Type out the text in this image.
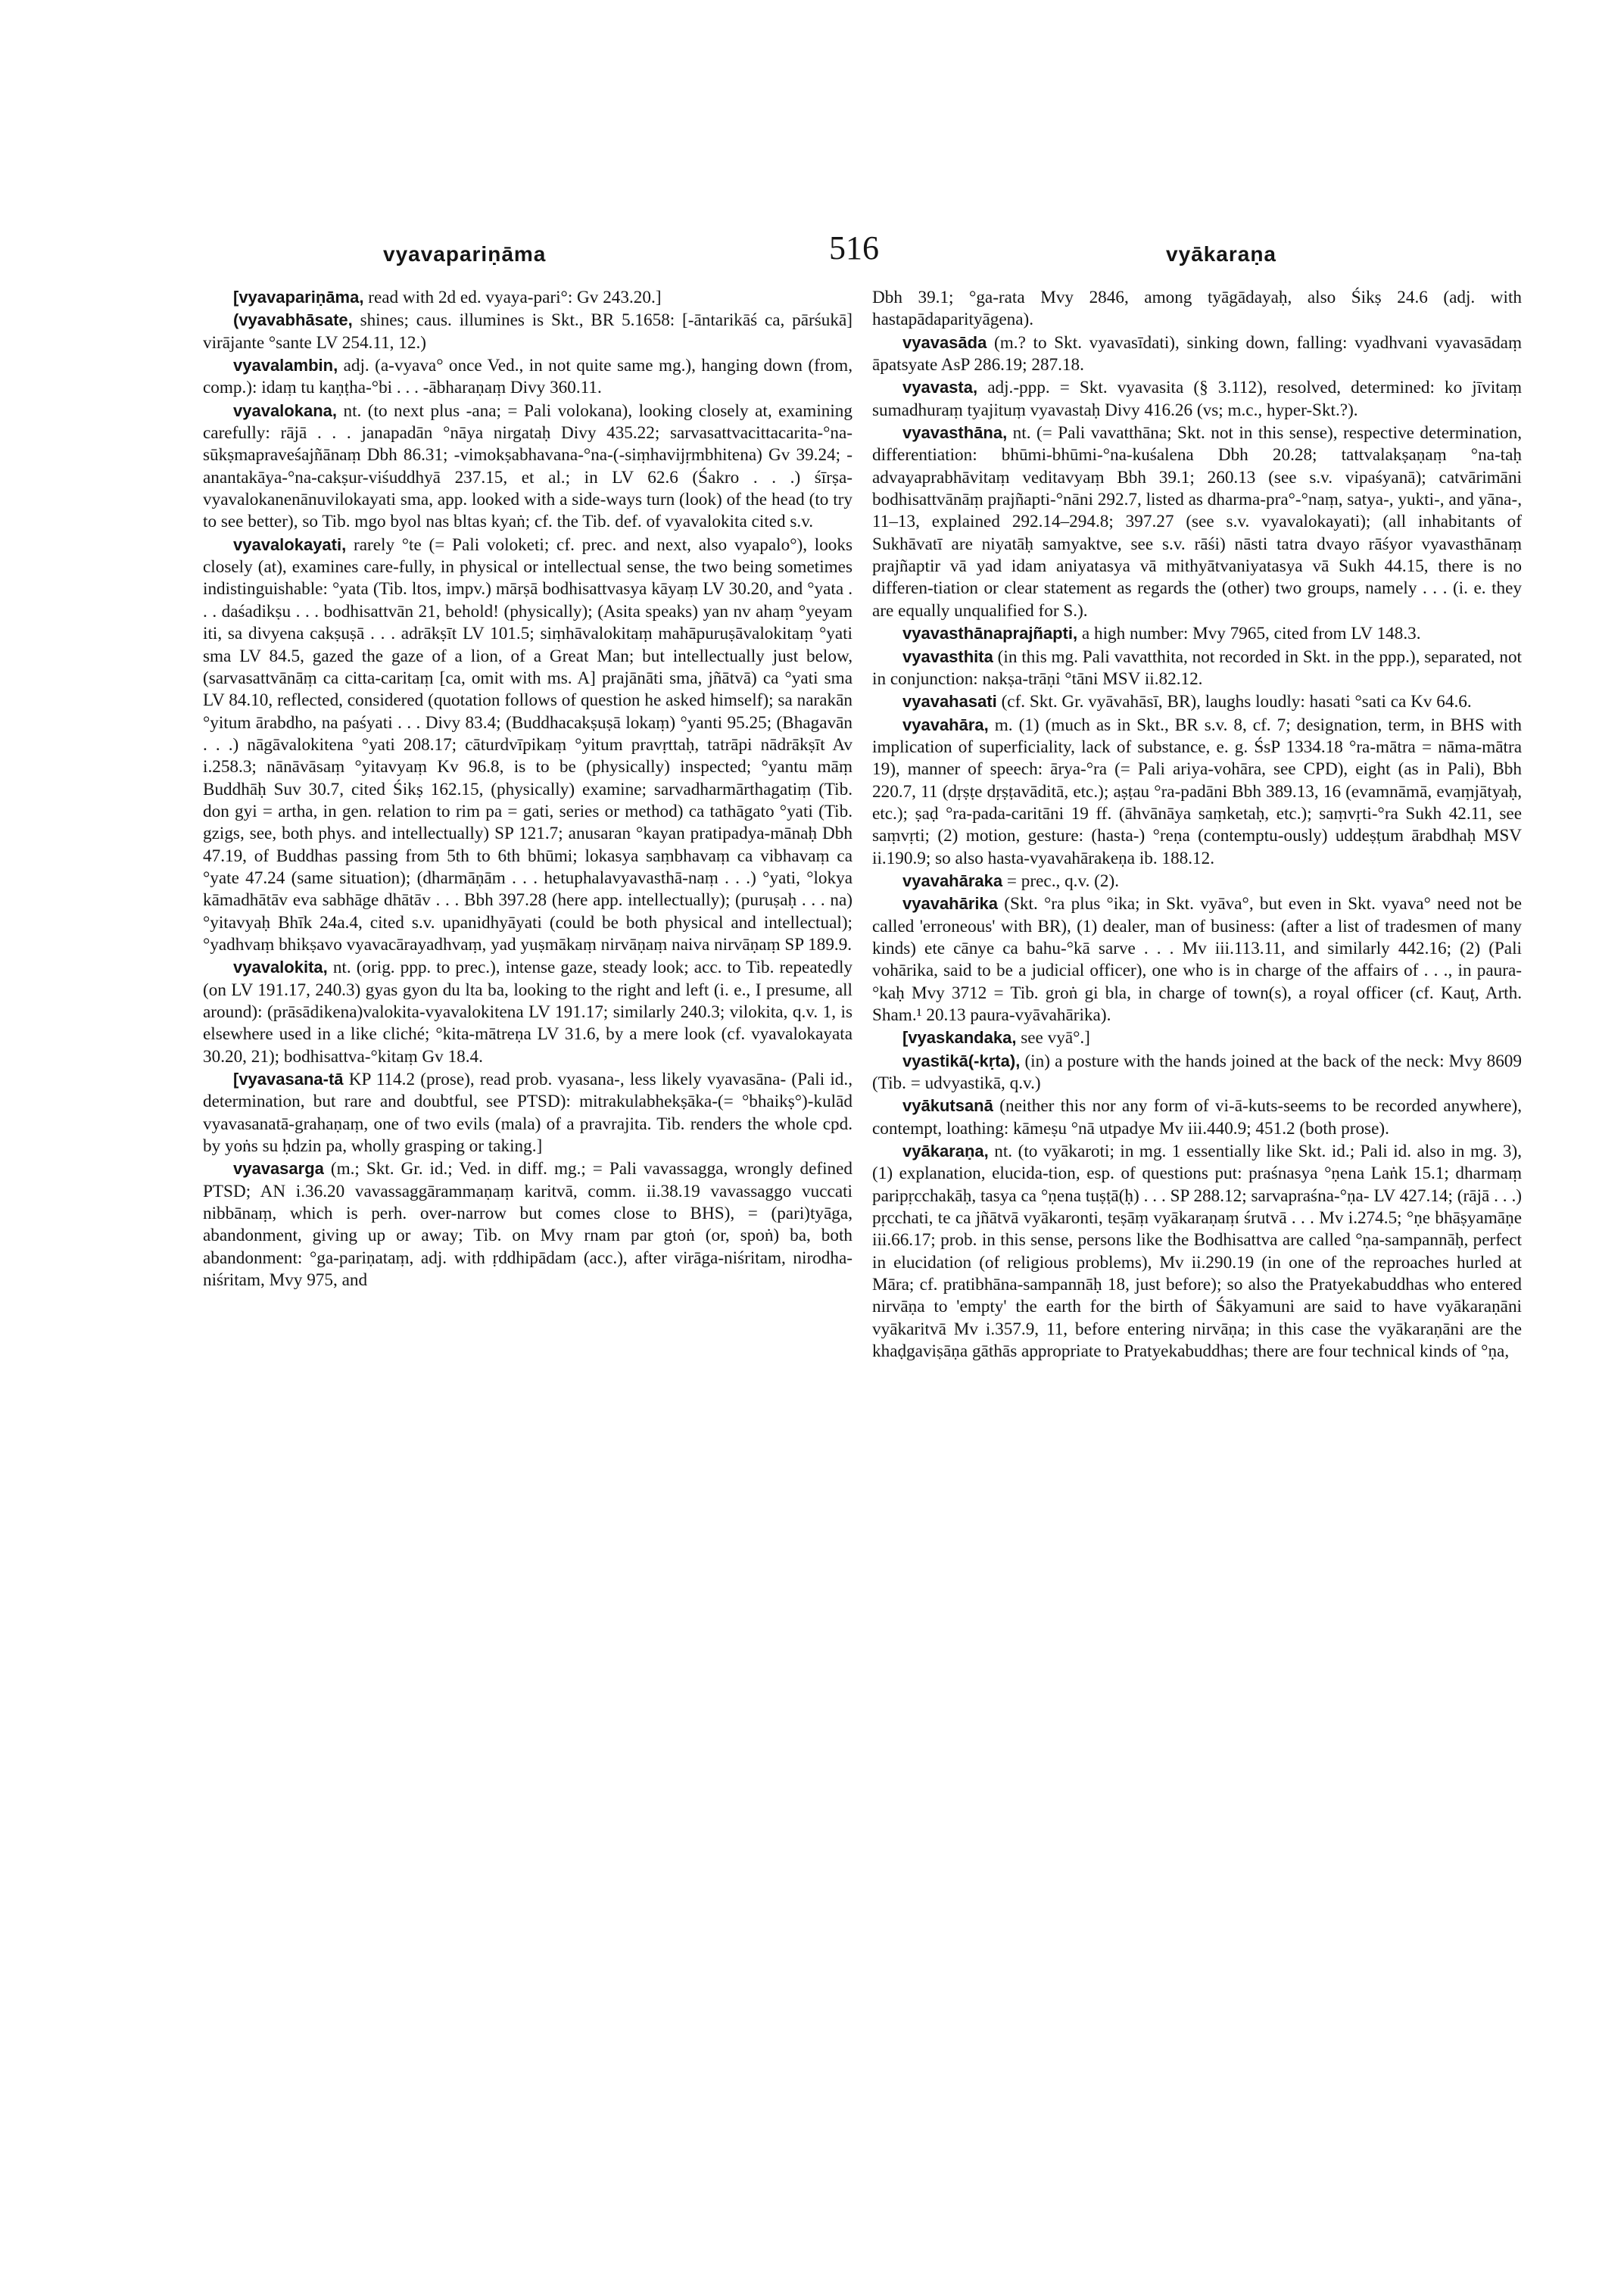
vyavapariṇāma	516	vyākaraṇa

[vyavapariṇāma, read with 2d ed. vyaya-pari°: Gv 243.20.]

(vyavabhāsate, shines; caus. illumines is Skt., BR 5.1658: [-āntarikāś ca, pārśukā] virājante °sante LV 254.11, 12.)

vyavalambin, adj. (a-vyava° once Ved., in not quite same mg.), hanging down (from, comp.): idaṃ tu kaṇṭha-°bi . . . -ābharaṇaṃ Divy 360.11.

vyavalokana, nt. (to next plus -ana; = Pali volokana), looking closely at, examining carefully: rājā . . . janapadān °nāya nirgataḥ Divy 435.22; sarvasattvacittacarita-°na-sūkṣmapraveśajñānaṃ Dbh 86.31; -vimokṣabhavana-°na-(-siṃhavijṛmbhitena) Gv 39.24; -anantakāya-°na-cakṣur-viśuddhyā 237.15, et al.; in LV 62.6 (Śakro . . .) śīrṣa-vyavalokanenānuvilokayati sma, app. looked with a side-ways turn (look) of the head (to try to see better), so Tib. mgo byol nas bltas kyaṅ; cf. the Tib. def. of vyavalokita cited s.v.

vyavalokayati, rarely °te (= Pali voloketi; cf. prec. and next, also vyapalo°), looks closely (at), examines care-fully, in physical or intellectual sense, the two being sometimes indistinguishable: °yata (Tib. ltos, impv.) mārṣā bodhisattvasya kāyaṃ LV 30.20, and °yata . . . daśadikṣu . . . bodhisattvān 21, behold! (physically); (Asita speaks) yan nv ahaṃ °yeyam iti, sa divyena cakṣuṣā . . . adrākṣīt LV 101.5; siṃhāvalokitaṃ mahāpuruṣāvalokitaṃ °yati sma LV 84.5, gazed the gaze of a lion, of a Great Man; but intellectually just below, (sarvasattvānāṃ ca citta-caritaṃ [ca, omit with ms. A] prajānāti sma, jñātvā) ca °yati sma LV 84.10, reflected, considered (quotation follows of question he asked himself); sa narakān °yitum ārabdho, na paśyati . . . Divy 83.4; (Buddhacakṣuṣā lokaṃ) °yanti 95.25; (Bhagavān . . .) nāgāvalokitena °yati 208.17; cāturdvīpikaṃ °yitum pravṛttaḥ, tatrāpi nādrākṣīt Av i.258.3; nānāvāsaṃ °yitavyaṃ Kv 96.8, is to be (physically) inspected; °yantu māṃ Buddhāḥ Suv 30.7, cited Śikṣ 162.15, (physically) examine; sarvadharmārthagatiṃ (Tib. don gyi = artha, in gen. relation to rim pa = gati, series or method) ca tathāgato °yati (Tib. gzigs, see, both phys. and intellectually) SP 121.7; anusaran °kayan pratipadya-mānaḥ Dbh 47.19, of Buddhas passing from 5th to 6th bhūmi; lokasya saṃbhavaṃ ca vibhavaṃ ca °yate 47.24 (same situation); (dharmāṇām . . . hetuphalavyavasthā-naṃ . . .) °yati, °lokya kāmadhātāv eva sabhāge dhātāv . . . Bbh 397.28 (here app. intellectually); (puruṣaḥ . . . na) °yitavyaḥ Bhīk 24a.4, cited s.v. upanidhyāyati (could be both physical and intellectual); °yadhvaṃ bhikṣavo vyavacārayadhvaṃ, yad yuṣmākaṃ nirvāṇaṃ naiva nirvāṇaṃ SP 189.9.

vyavalokita, nt. (orig. ppp. to prec.), intense gaze, steady look; acc. to Tib. repeatedly (on LV 191.17, 240.3) gyas gyon du lta ba, looking to the right and left (i. e., I presume, all around): (prāsādikena)valokita-vyavalokitena LV 191.17; similarly 240.3; vilokita, q.v. 1, is elsewhere used in a like cliché; °kita-mātreṇa LV 31.6, by a mere look (cf. vyavalokayata 30.20, 21); bodhisattva-°kitaṃ Gv 18.4.

[vyavasana-tā KP 114.2 (prose), read prob. vyasana-, less likely vyavasāna- (Pali id., determination, but rare and doubtful, see PTSD): mitrakulabhekṣāka-(= °bhaikṣ°)-kulād vyavasanatā-grahaṇaṃ, one of two evils (mala) of a pravrajita. Tib. renders the whole cpd. by yoṅs su ḥdzin pa, wholly grasping or taking.]

vyavasarga (m.; Skt. Gr. id.; Ved. in diff. mg.; = Pali vavassagga, wrongly defined PTSD; AN i.36.20 vavassaggārammaṇaṃ karitvā, comm. ii.38.19 vavassaggo vuccati nibbānaṃ, which is perh. over-narrow but comes close to BHS), = (pari)tyāga, abandonment, giving up or away; Tib. on Mvy rnam par gtoṅ (or, spoṅ) ba, both abandonment: °ga-pariṇataṃ, adj. with ṛddhipādam (acc.), after virāga-niśritam, nirodha-niśritam, Mvy 975, and

Dbh 39.1; °ga-rata Mvy 2846, among tyāgādayaḥ, also Śikṣ 24.6 (adj. with hastapādaparityāgena).

vyavasāda (m.? to Skt. vyavasīdati), sinking down, falling: vyadhvani vyavasādaṃ āpatsyate AsP 286.19; 287.18.

vyavasta, adj.-ppp. = Skt. vyavasita (§ 3.112), resolved, determined: ko jīvitaṃ sumadhuraṃ tyajituṃ vyavastaḥ Divy 416.26 (vs; m.c., hyper-Skt.?).

vyavasthāna, nt. (= Pali vavatthāna; Skt. not in this sense), respective determination, differentiation: bhūmi-bhūmi-°na-kuśalena Dbh 20.28; tattvalakṣaṇaṃ °na-taḥ advayaprabhāvitaṃ veditavyaṃ Bbh 39.1; 260.13 (see s.v. vipaśyanā); catvārimāni bodhisattvānāṃ prajñapti-°nāni 292.7, listed as dharma-pra°-°naṃ, satya-, yukti-, and yāna-, 11–13, explained 292.14–294.8; 397.27 (see s.v. vyavalokayati); (all inhabitants of Sukhāvatī are niyatāḥ samyaktve, see s.v. rāśi) nāsti tatra dvayo rāśyor vyavasthānaṃ prajñaptir vā yad idam aniyatasya vā mithyātvaniyatasya vā Sukh 44.15, there is no differen-tiation or clear statement as regards the (other) two groups, namely . . . (i. e. they are equally unqualified for S.).

vyavasthānaprajñapti, a high number: Mvy 7965, cited from LV 148.3.

vyavasthita (in this mg. Pali vavatthita, not recorded in Skt. in the ppp.), separated, not in conjunction: nakṣa-trāṇi °tāni MSV ii.82.12.

vyavahasati (cf. Skt. Gr. vyāvahāsī, BR), laughs loudly: hasati °sati ca Kv 64.6.

vyavahāra, m. (1) (much as in Skt., BR s.v. 8, cf. 7; designation, term, in BHS with implication of superficiality, lack of substance, e. g. ŚsP 1334.18 °ra-mātra = nāma-mātra 19), manner of speech: ārya-°ra (= Pali ariya-vohāra, see CPD), eight (as in Pali), Bbh 220.7, 11 (dṛṣṭe dṛṣṭavāditā, etc.); aṣṭau °ra-padāni Bbh 389.13, 16 (evamnāmā, evaṃjātyaḥ, etc.); ṣaḍ °ra-pada-caritāni 19 ff. (āhvānāya saṃketaḥ, etc.); saṃvṛti-°ra Sukh 42.11, see saṃvṛti; (2) motion, gesture: (hasta-) °reṇa (contemptu-ously) uddeṣṭum ārabdhaḥ MSV ii.190.9; so also hasta-vyavahārakeṇa ib. 188.12.

vyavahāraka = prec., q.v. (2).

vyavahārika (Skt. °ra plus °ika; in Skt. vyāva°, but even in Skt. vyava° need not be called 'erroneous' with BR), (1) dealer, man of business: (after a list of tradesmen of many kinds) ete cānye ca bahu-°kā sarve . . . Mv iii.113.11, and similarly 442.16; (2) (Pali vohārika, said to be a judicial officer), one who is in charge of the affairs of . . ., in paura-°kaḥ Mvy 3712 = Tib. groṅ gi bla, in charge of town(s), a royal officer (cf. Kauṭ, Arth. Sham.¹ 20.13 paura-vyāvahārika).

[vyaskandaka, see vyā°.]

vyastikā(-kṛta), (in) a posture with the hands joined at the back of the neck: Mvy 8609 (Tib. = udvyastikā, q.v.)

vyākutsanā (neither this nor any form of vi-ā-kuts-seems to be recorded anywhere), contempt, loathing: kāmeṣu °nā utpadye Mv iii.440.9; 451.2 (both prose).

vyākaraṇa, nt. (to vyākaroti; in mg. 1 essentially like Skt. id.; Pali id. also in mg. 3), (1) explanation, elucida-tion, esp. of questions put: praśnasya °ṇena Laṅk 15.1; dharmaṃ paripṛcchakāḥ, tasya ca °ṇena tuṣṭā(ḥ) . . . SP 288.12; sarvapraśna-°ṇa- LV 427.14; (rājā . . .) pṛcchati, te ca jñātvā vyākaronti, teṣāṃ vyākaraṇaṃ śrutvā . . . Mv i.274.5; °ṇe bhāṣyamāṇe iii.66.17; prob. in this sense, persons like the Bodhisattva are called °ṇa-sampannāḥ, perfect in elucidation (of religious problems), Mv ii.290.19 (in one of the reproaches hurled at Māra; cf. pratibhāna-sampannāḥ 18, just before); so also the Pratyekabuddhas who entered nirvāṇa to 'empty' the earth for the birth of Śākyamuni are said to have vyākaraṇāni vyākaritvā Mv i.357.9, 11, before entering nirvāṇa; in this case the vyākaraṇāni are the khaḍgaviṣāṇa gāthās appropriate to Pratyekabuddhas; there are four technical kinds of °ṇa,
